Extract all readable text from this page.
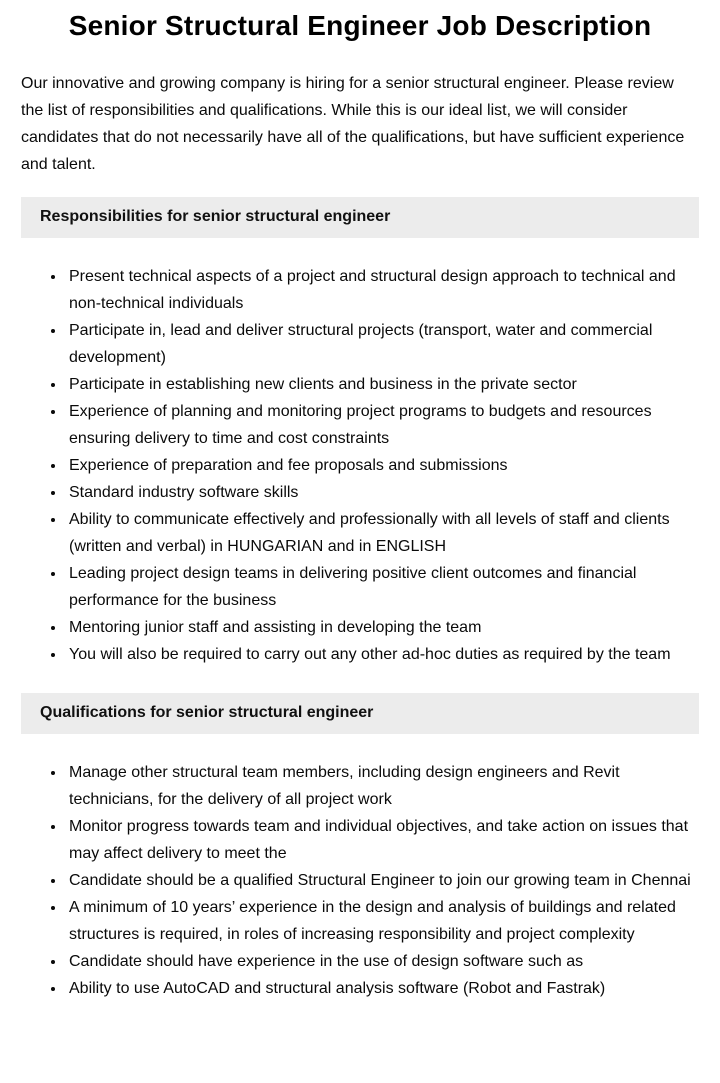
Senior Structural Engineer Job Description

Our innovative and growing company is hiring for a senior structural engineer. Please review the list of responsibilities and qualifications. While this is our ideal list, we will consider candidates that do not necessarily have all of the qualifications, but have sufficient experience and talent.

Responsibilities for senior structural engineer
• Present technical aspects of a project and structural design approach to technical and non-technical individuals
• Participate in, lead and deliver structural projects (transport, water and commercial development)
• Participate in establishing new clients and business in the private sector
• Experience of planning and monitoring project programs to budgets and resources ensuring delivery to time and cost constraints
• Experience of preparation and fee proposals and submissions
• Standard industry software skills
• Ability to communicate effectively and professionally with all levels of staff and clients (written and verbal) in HUNGARIAN and in ENGLISH
• Leading project design teams in delivering positive client outcomes and financial performance for the business
• Mentoring junior staff and assisting in developing the team
• You will also be required to carry out any other ad-hoc duties as required by the team
Qualifications for senior structural engineer
• Manage other structural team members, including design engineers and Revit technicians, for the delivery of all project work
• Monitor progress towards team and individual objectives, and take action on issues that may affect delivery to meet the
• Candidate should be a qualified Structural Engineer to join our growing team in Chennai
• A minimum of 10 years’ experience in the design and analysis of buildings and related structures is required, in roles of increasing responsibility and project complexity
• Candidate should have experience in the use of design software such as
• Ability to use AutoCAD and structural analysis software (Robot and Fastrak)
